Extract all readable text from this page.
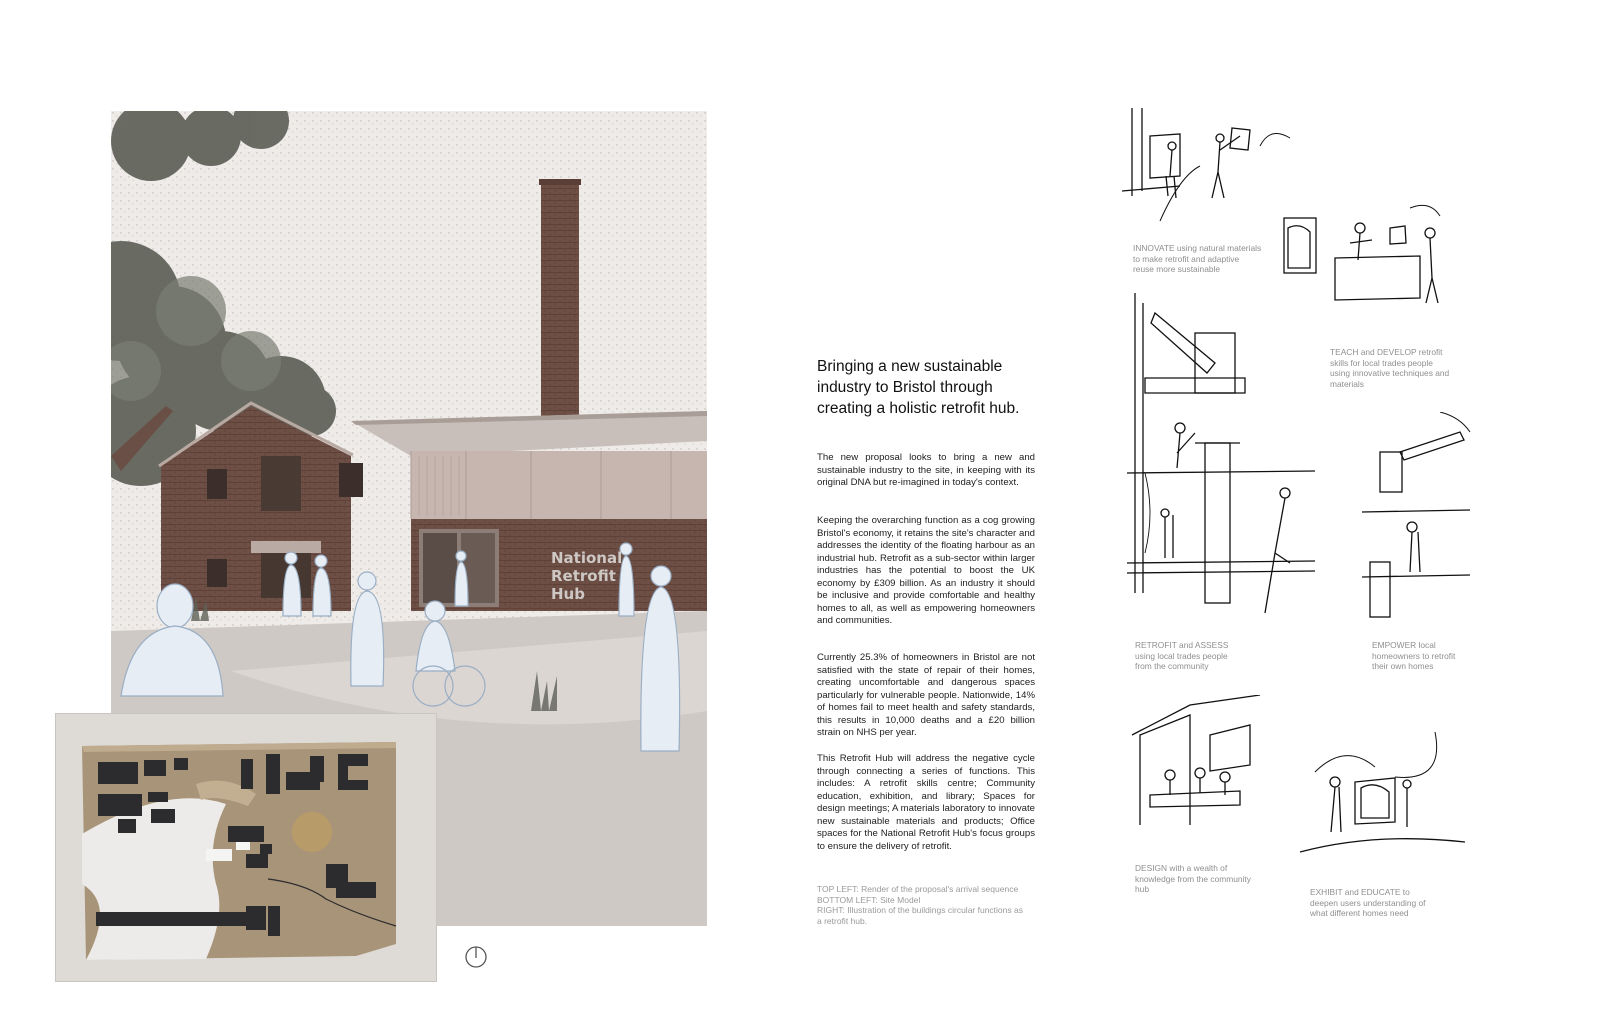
National
Retrofit
Hub
Bringing a new sustainable industry to Bristol through creating a holistic retrofit hub.
The new proposal looks to bring a new and sustainable industry to the site, in keeping with its original DNA but re-imagined in today's context.
Keeping the overarching function as a cog growing Bristol's economy, it retains the site's character and addresses the identity of the floating harbour as an industrial hub. Retrofit as a sub-sector within larger industries has the potential to boost the UK economy by £309 billion. As an industry it should be inclusive and provide comfortable and healthy homes to all, as well as empowering homeowners and communities.
Currently 25.3% of homeowners in Bristol are not satisfied with the state of repair of their homes, creating uncomfortable and dangerous spaces particularly for vulnerable people. Nationwide, 14% of homes fail to meet health and safety standards, this results in 10,000 deaths and a £20 billion strain on NHS per year.
This Retrofit Hub will address the negative cycle through connecting a series of functions. This includes: A retrofit skills centre; Community education, exhibition, and library; Spaces for design meetings; A materials laboratory to innovate new sustainable materials and products; Office spaces for the National Retrofit Hub's focus groups to ensure the delivery of retrofit.
TOP LEFT: Render of the proposal's arrival sequence
BOTTOM LEFT: Site Model
RIGHT: Illustration of the buildings circular functions as
a retrofit hub.
INNOVATE using natural materials
to make retrofit and adaptive
reuse more sustainable
TEACH and DEVELOP retrofit
skills for local trades people
using innovative techniques and
materials
RETROFIT and ASSESS
using local trades people
from the community
EMPOWER local
homeowners to retrofit
their own homes
DESIGN with a wealth of
knowledge from the community
hub	EXHIBIT and EDUCATE to
deepen users understanding of
what different homes need
